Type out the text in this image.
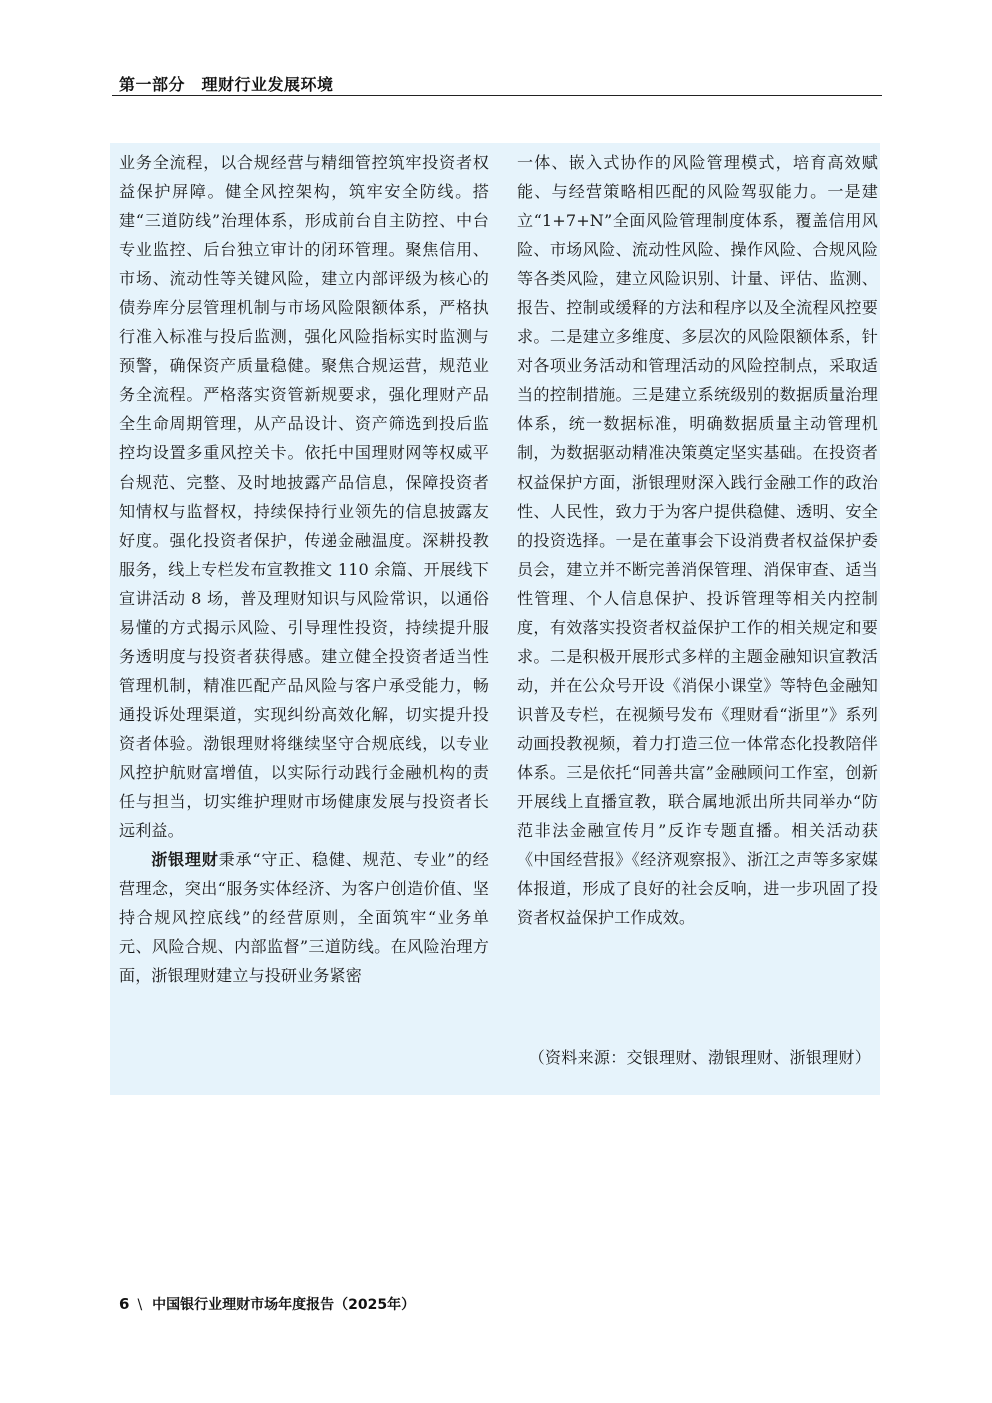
第一部分　理财行业发展环境

业务全流程，以合规经营与精细管控筑牢投资者权益保护屏障。健全风控架构，筑牢安全防线。搭建“三道防线”治理体系，形成前台自主防控、中台专业监控、后台独立审计的闭环管理。聚焦信用、市场、流动性等关键风险，建立内部评级为核心的债券库分层管理机制与市场风险限额体系，严格执行准入标准与投后监测，强化风险指标实时监测与预警，确保资产质量稳健。聚焦合规运营，规范业务全流程。严格落实资管新规要求，强化理财产品全生命周期管理，从产品设计、资产筛选到投后监控均设置多重风控关卡。依托中国理财网等权威平台规范、完整、及时地披露产品信息，保障投资者知情权与监督权，持续保持行业领先的信息披露友好度。强化投资者保护，传递金融温度。深耕投教服务，线上专栏发布宣教推文 110 余篇、开展线下宣讲活动 8 场，普及理财知识与风险常识，以通俗易懂的方式揭示风险、引导理性投资，持续提升服务透明度与投资者获得感。建立健全投资者适当性管理机制，精准匹配产品风险与客户承受能力，畅通投诉处理渠道，实现纠纷高效化解，切实提升投资者体验。渤银理财将继续坚守合规底线，以专业风控护航财富增值，以实际行动践行金融机构的责任与担当，切实维护理财市场健康发展与投资者长远利益。

浙银理财秉承“守正、稳健、规范、专业”的经营理念，突出“服务实体经济、为客户创造价值、坚持合规风控底线”的经营原则，全面筑牢“业务单元、风险合规、内部监督”三道防线。在风险治理方面，浙银理财建立与投研业务紧密

一体、嵌入式协作的风险管理模式，培育高效赋能、与经营策略相匹配的风险驾驭能力。一是建立“1+7+N”全面风险管理制度体系，覆盖信用风险、市场风险、流动性风险、操作风险、合规风险等各类风险，建立风险识别、计量、评估、监测、报告、控制或缓释的方法和程序以及全流程风控要求。二是建立多维度、多层次的风险限额体系，针对各项业务活动和管理活动的风险控制点，采取适当的控制措施。三是建立系统级别的数据质量治理体系，统一数据标准，明确数据质量主动管理机制，为数据驱动精准决策奠定坚实基础。在投资者权益保护方面，浙银理财深入践行金融工作的政治性、人民性，致力于为客户提供稳健、透明、安全的投资选择。一是在董事会下设消费者权益保护委员会，建立并不断完善消保管理、消保审查、适当性管理、个人信息保护、投诉管理等相关内控制度，有效落实投资者权益保护工作的相关规定和要求。二是积极开展形式多样的主题金融知识宣教活动，并在公众号开设《消保小课堂》等特色金融知识普及专栏，在视频号发布《理财看“浙里”》系列动画投教视频，着力打造三位一体常态化投教陪伴体系。三是依托“同善共富”金融顾问工作室，创新开展线上直播宣教，联合属地派出所共同举办“防范非法金融宣传月”反诈专题直播。相关活动获《中国经营报》《经济观察报》、浙江之声等多家媒体报道，形成了良好的社会反响，进一步巩固了投资者权益保护工作成效。

（资料来源：交银理财、渤银理财、浙银理财）
6 \ 中国银行业理财市场年度报告（2025年）
